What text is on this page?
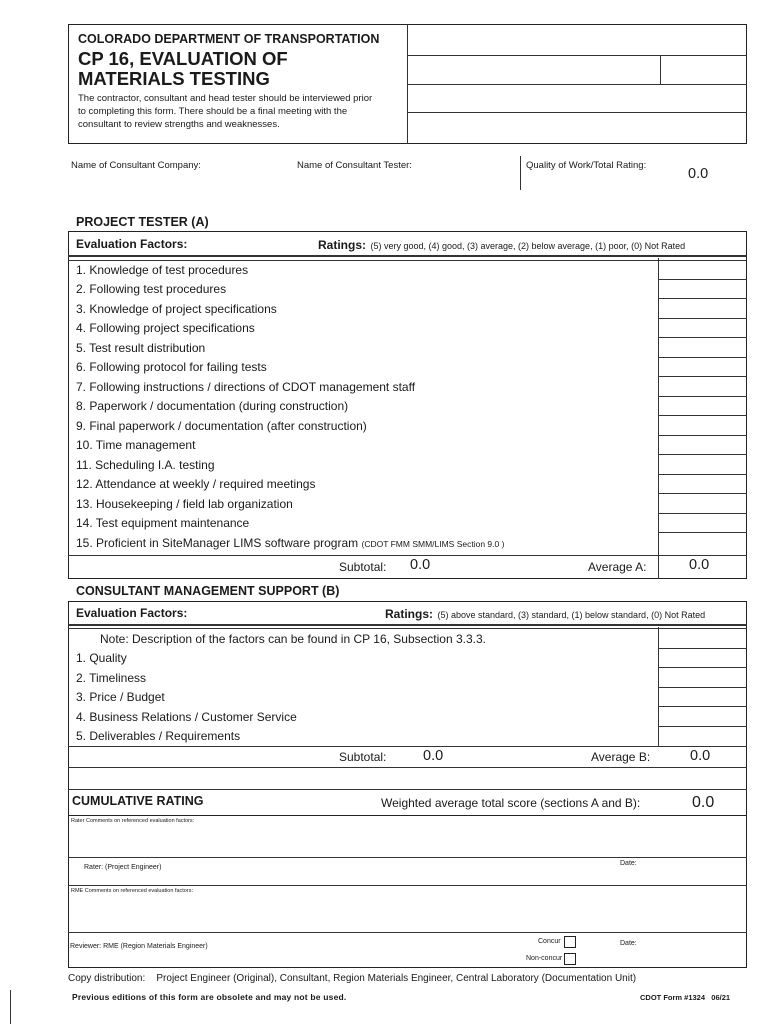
COLORADO DEPARTMENT OF TRANSPORTATION
CP 16, EVALUATION OF
MATERIALS TESTING
The contractor, consultant and head tester should be interviewed prior
to completing this form. There should be a final meeting with the
consultant to review strengths and weaknesses.
Name of Consultant Company:	Name of Consultant Tester:	Quality of Work/Total Rating:
0.0
PROJECT TESTER (A)
Evaluation Factors:	Ratings: (5) very good, (4) good, (3) average, (2) below average, (1) poor, (0) Not Rated
1. Knowledge of test procedures
2. Following test procedures
3. Knowledge of project specifications
4. Following project specifications
5. Test result distribution
6. Following protocol for failing tests
7. Following instructions / directions of CDOT management staff
8. Paperwork / documentation (during construction)
9. Final paperwork / documentation (after construction)
10. Time management
11. Scheduling I.A. testing
12. Attendance at weekly / required meetings
13. Housekeeping / field lab organization
14. Test equipment maintenance
15. Proficient in SiteManager LIMS software program (CDOT FMM SMM/LIMS Section 9.0 )
Subtotal: 0.0	Average A:	0.0
CONSULTANT MANAGEMENT SUPPORT (B)
Evaluation Factors:	Ratings: (5) above standard, (3) standard, (1) below standard, (0) Not Rated
Note: Description of the factors can be found in CP 16, Subsection 3.3.3.
1. Quality
2. Timeliness
3. Price / Budget
4. Business Relations / Customer Service
5. Deliverables / Requirements
Subtotal:	0.0	Average B:	0.0
CUMULATIVE RATING	Weighted average total score (sections A and B):	0.0
Rater Comments on referenced evaluation factors:
Rater: (Project Engineer)
Date:
RME Comments on referenced evaluation factors:
Reviewer: RME (Region Materials Engineer)
Concur
Non-concur
Date:
Copy distribution: Project Engineer (Original), Consultant, Region Materials Engineer, Central Laboratory (Documentation Unit)
Previous editions of this form are obsolete and may not be used.	CDOT Form #1324   06/21
